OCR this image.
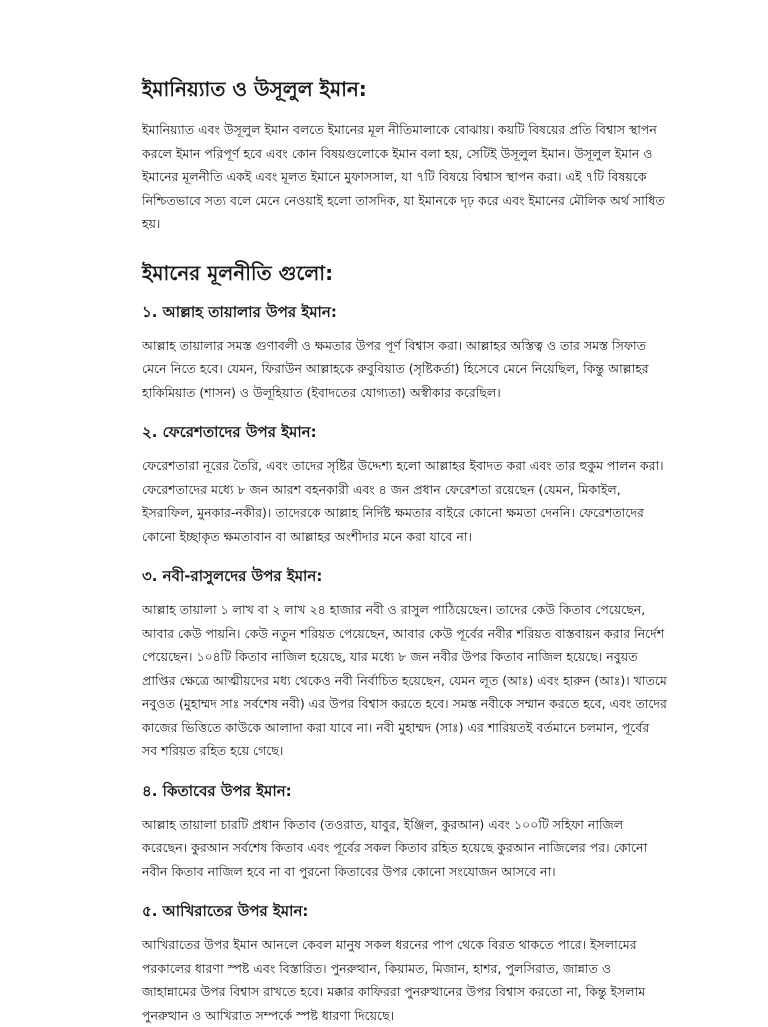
ইমানিয়্যাত ও উসূলুল ইমান:

ইমানিয়্যাত এবং উসূলুল ইমান বলতে ইমানের মূল নীতিমালাকে বোঝায়। কয়টি বিষয়ের প্রতি বিশ্বাস স্থাপন করলে ইমান পরিপূর্ণ হবে এবং কোন বিষয়গুলোকে ইমান বলা হয়, সেটিই উসূলুল ইমান। উসূলুল ইমান ও ইমানের মূলনীতি একই এবং মূলত ইমানে মুফাসসাল, যা ৭টি বিষয়ে বিশ্বাস স্থাপন করা। এই ৭টি বিষয়কে নিশ্চিতভাবে সত্য বলে মেনে নেওয়াই হলো তাসদিক, যা ইমানকে দৃঢ় করে এবং ইমানের মৌলিক অর্থ সাধিত হয়।

ইমানের মূলনীতি গুলো:
১. আল্লাহ তায়ালার উপর ইমান:

আল্লাহ তায়ালার সমস্ত গুণাবলী ও ক্ষমতার উপর পূর্ণ বিশ্বাস করা। আল্লাহর অস্তিত্ব ও তার সমস্ত সিফাত মেনে নিতে হবে। যেমন, ফিরাউন আল্লাহকে রুবুবিয়াত (সৃষ্টিকর্তা) হিসেবে মেনে নিয়েছিল, কিন্তু আল্লাহর হাকিমিয়াত (শাসন) ও উলূহিয়াত (ইবাদতের যোগ্যতা) অস্বীকার করেছিল।

২. ফেরেশতাদের উপর ইমান:

ফেরেশতারা নূরের তৈরি, এবং তাদের সৃষ্টির উদ্দেশ্য হলো আল্লাহর ইবাদত করা এবং তার হুকুম পালন করা। ফেরেশতাদের মধ্যে ৮ জন আরশ বহনকারী এবং ৪ জন প্রধান ফেরেশতা রয়েছেন (যেমন, মিকাইল, ইসরাফিল, মুনকার-নকীর)। তাদেরকে আল্লাহ নির্দিষ্ট ক্ষমতার বাইরে কোনো ক্ষমতা দেননি। ফেরেশতাদের কোনো ইচ্ছাকৃত ক্ষমতাবান বা আল্লাহর অংশীদার মনে করা যাবে না।

৩. নবী-রাসুলদের উপর ইমান:

আল্লাহ তায়ালা ১ লাখ বা ২ লাখ ২৪ হাজার নবী ও রাসুল পাঠিয়েছেন। তাদের কেউ কিতাব পেয়েছেন, আবার কেউ পায়নি। কেউ নতুন শরিয়ত পেয়েছেন, আবার কেউ পূর্বের নবীর শরিয়ত বাস্তবায়ন করার নির্দেশ পেয়েছেন। ১০৪টি কিতাব নাজিল হয়েছে, যার মধ্যে ৮ জন নবীর উপর কিতাব নাজিল হয়েছে। নবুয়ত প্রাপ্তির ক্ষেত্রে আত্মীয়দের মধ্য থেকেও নবী নির্বাচিত হয়েছেন, যেমন লূত (আঃ) এবং হারুন (আঃ)। খাতমে নবুওত (মুহাম্মদ সাঃ সর্বশেষ নবী) এর উপর বিশ্বাস করতে হবে। সমস্ত নবীকে সম্মান করতে হবে, এবং তাদের কাজের ভিত্তিতে কাউকে আলাদা করা যাবে না। নবী মুহাম্মদ (সাঃ) এর শারিয়তই বর্তমানে চলমান, পূর্বের সব শরিয়ত রহিত হয়ে গেছে।

৪. কিতাবের উপর ইমান:

আল্লাহ তায়ালা চারটি প্রধান কিতাব (তওরাত, যাবুর, ইঞ্জিল, কুরআন) এবং ১০০টি সহিফা নাজিল করেছেন। কুরআন সর্বশেষ কিতাব এবং পূর্বের সকল কিতাব রহিত হয়েছে কুরআন নাজিলের পর। কোনো নবীন কিতাব নাজিল হবে না বা পুরনো কিতাবের উপর কোনো সংযোজন আসবে না।

৫. আখিরাতের উপর ইমান:

আখিরাতের উপর ইমান আনলে কেবল মানুষ সকল ধরনের পাপ থেকে বিরত থাকতে পারে। ইসলামের পরকালের ধারণা স্পষ্ট এবং বিস্তারিত। পুনরুত্থান, কিয়ামত, মিজান, হাশর, পুলসিরাত, জান্নাত ও জাহান্নামের উপর বিশ্বাস রাখতে হবে। মক্কার কাফিররা পুনরুত্থানের উপর বিশ্বাস করতো না, কিন্তু ইসলাম পুনরুত্থান ও আখিরাত সম্পর্কে স্পষ্ট ধারণা দিয়েছে।
